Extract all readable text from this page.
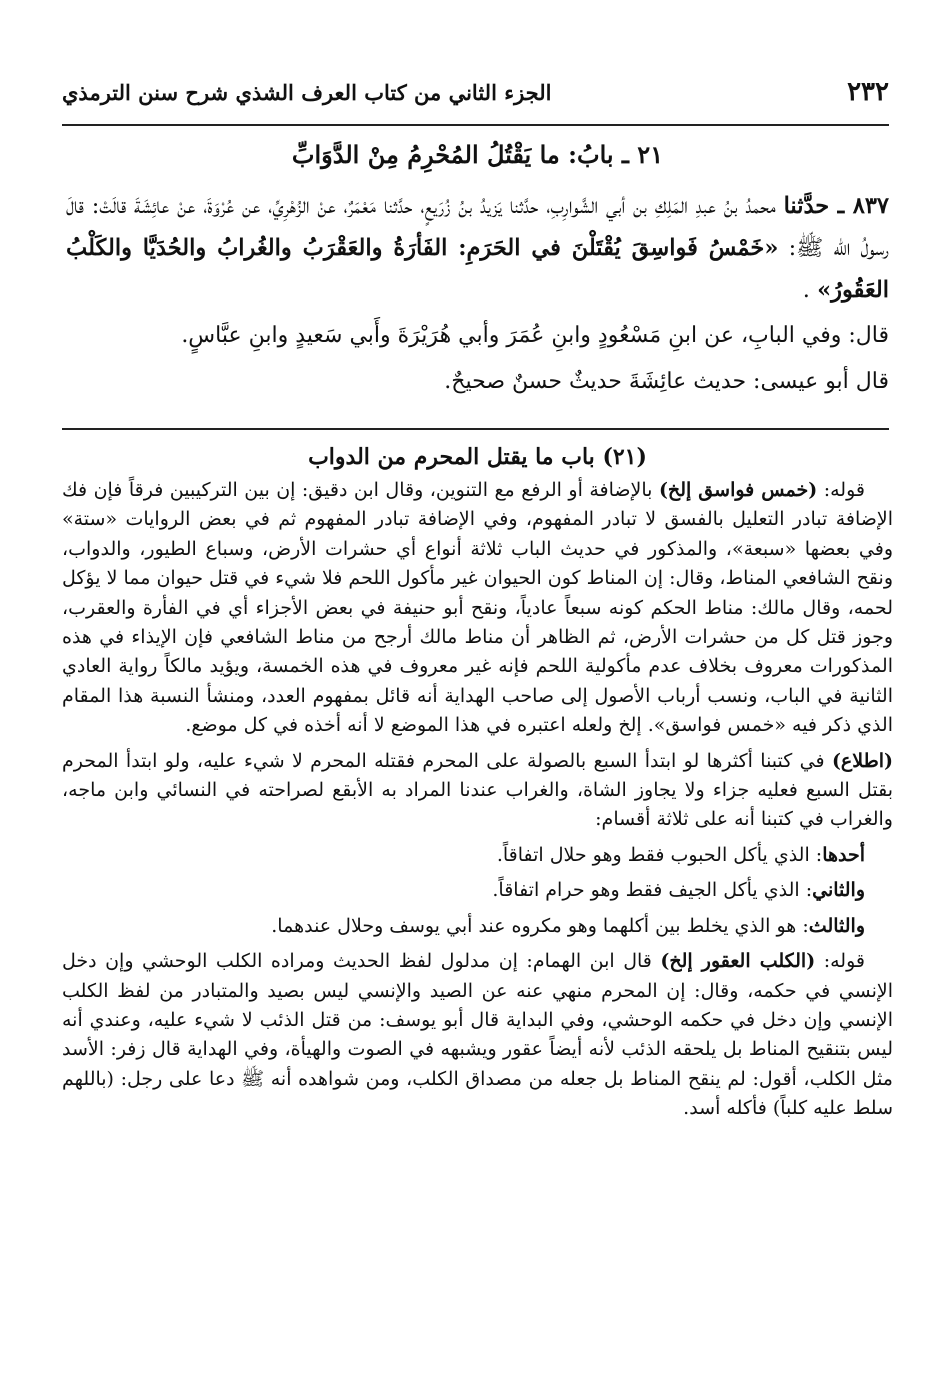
٢٣٢
الجزء الثاني من كتاب العرف الشذي شرح سنن الترمذي
٢١ ـ بابُ: ما يَقْتُلُ المُحْرِمُ مِنْ الدَّوَابِّ

٨٣٧ ـ حدَّثنا محمدُ بنُ عبدِ المَلِكِ بن أبي الشَّوارِبِ، حدَّثنا يَزيدُ بنُ زُرَيعٍ، حدَّثنا مَعْمَرٌ، عنْ الزُهْرِيِّ، عن عُرْوَةَ، عنْ عائِشَةَ قالَتْ: قالَ رسولُ الله ﷺ: «خَمْسُ فَواسِقَ يُقْتَلْنَ في الحَرَمِ: الفَأرَةُ والعَقْرَبُ والغُرابُ والحُدَيَّا والكَلْبُ العَقُورُ» .

قال: وفي البابِ، عن ابنِ مَسْعُودٍ وابنِ عُمَرَ وأبي هُرَيْرَةَ وأَبي سَعيدٍ وابنِ عبَّاسٍ.

قال أبو عيسى: حديث عائِشَةَ حديثٌ حسنٌ صحيحٌ.

(٢١) باب ما يقتل المحرم من الدواب

قوله: (خمس فواسق إلخ) بالإضافة أو الرفع مع التنوين، وقال ابن دقيق: إن بين التركيبين فرقاً فإن فك الإضافة تبادر التعليل بالفسق لا تبادر المفهوم، وفي الإضافة تبادر المفهوم ثم في بعض الروايات «ستة» وفي بعضها «سبعة»، والمذكور في حديث الباب ثلاثة أنواع أي حشرات الأرض، وسباع الطيور، والدواب، ونقح الشافعي المناط، وقال: إن المناط كون الحيوان غير مأكول اللحم فلا شيء في قتل حيوان مما لا يؤكل لحمه، وقال مالك: مناط الحكم كونه سبعاً عادياً، ونقح أبو حنيفة في بعض الأجزاء أي في الفأرة والعقرب، وجوز قتل كل من حشرات الأرض، ثم الظاهر أن مناط مالك أرجح من مناط الشافعي فإن الإيذاء في هذه المذكورات معروف بخلاف عدم مأكولية اللحم فإنه غير معروف في هذه الخمسة، ويؤيد مالكاً رواية العادي الثانية في الباب، ونسب أرباب الأصول إلى صاحب الهداية أنه قائل بمفهوم العدد، ومنشأ النسبة هذا المقام الذي ذكر فيه «خمس فواسق». إلخ ولعله اعتبره في هذا الموضع لا أنه أخذه في كل موضع.

(اطلاع) في كتبنا أكثرها لو ابتدأ السبع بالصولة على المحرم فقتله المحرم لا شيء عليه، ولو ابتدأ المحرم بقتل السبع فعليه جزاء ولا يجاوز الشاة، والغراب عندنا المراد به الأبقع لصراحته في النسائي وابن ماجه، والغراب في كتبنا أنه على ثلاثة أقسام:

أحدها: الذي يأكل الحبوب فقط وهو حلال اتفاقاً.

والثاني: الذي يأكل الجيف فقط وهو حرام اتفاقاً.

والثالث: هو الذي يخلط بين أكلهما وهو مكروه عند أبي يوسف وحلال عندهما.

قوله: (الكلب العقور إلخ) قال ابن الهمام: إن مدلول لفظ الحديث ومراده الكلب الوحشي وإن دخل الإنسي في حكمه، وقال: إن المحرم منهي عنه عن الصيد والإنسي ليس بصيد والمتبادر من لفظ الكلب الإنسي وإن دخل في حكمه الوحشي، وفي البداية قال أبو يوسف: من قتل الذئب لا شيء عليه، وعندي أنه ليس بتنقيح المناط بل يلحقه الذئب لأنه أيضاً عقور ويشبهه في الصوت والهيأة، وفي الهداية قال زفر: الأسد مثل الكلب، أقول: لم ينقح المناط بل جعله من مصداق الكلب، ومن شواهده أنه ﷺ دعا على رجل: (باللهم سلط عليه كلباً) فأكله أسد.
